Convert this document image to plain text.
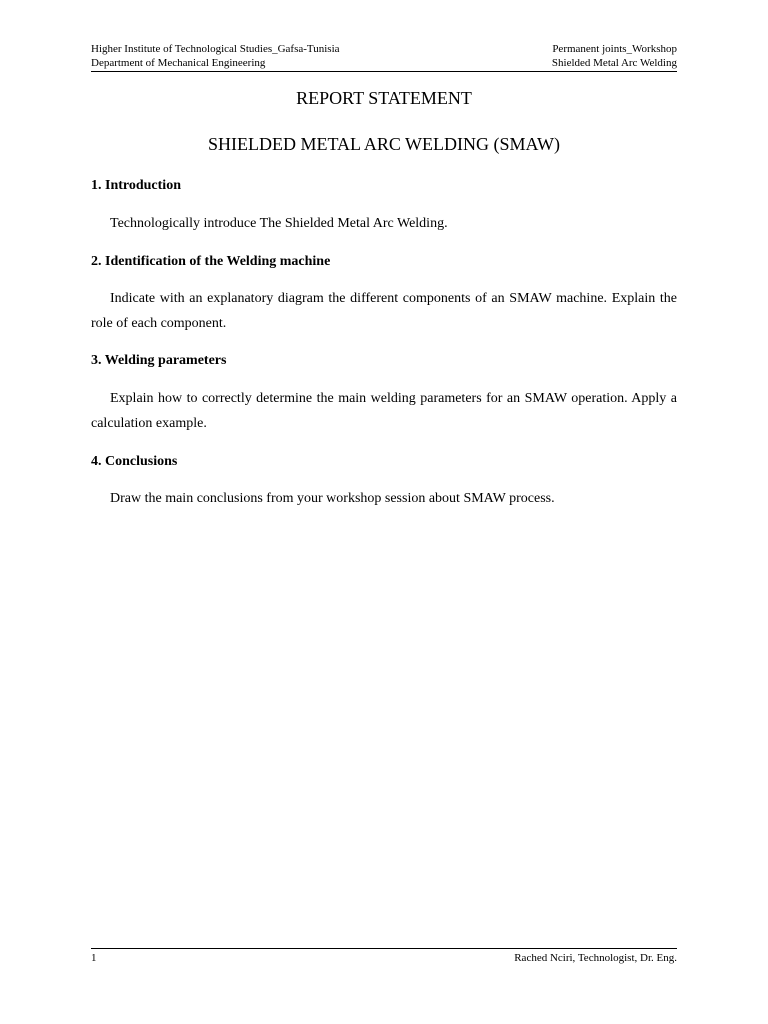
Higher Institute of Technological Studies_Gafsa-Tunisia	Permanent joints_Workshop
Department of Mechanical Engineering	Shielded Metal Arc Welding
REPORT STATEMENT
SHIELDED METAL ARC WELDING (SMAW)
1. Introduction
Technologically introduce The Shielded Metal Arc Welding.
2. Identification of the Welding machine
Indicate with an explanatory diagram the different components of an SMAW machine. Explain the role of each component.
3. Welding parameters
Explain how to correctly determine the main welding parameters for an SMAW operation. Apply a calculation example.
4. Conclusions
Draw the main conclusions from your workshop session about SMAW process.
1	Rached Nciri, Technologist, Dr. Eng.
